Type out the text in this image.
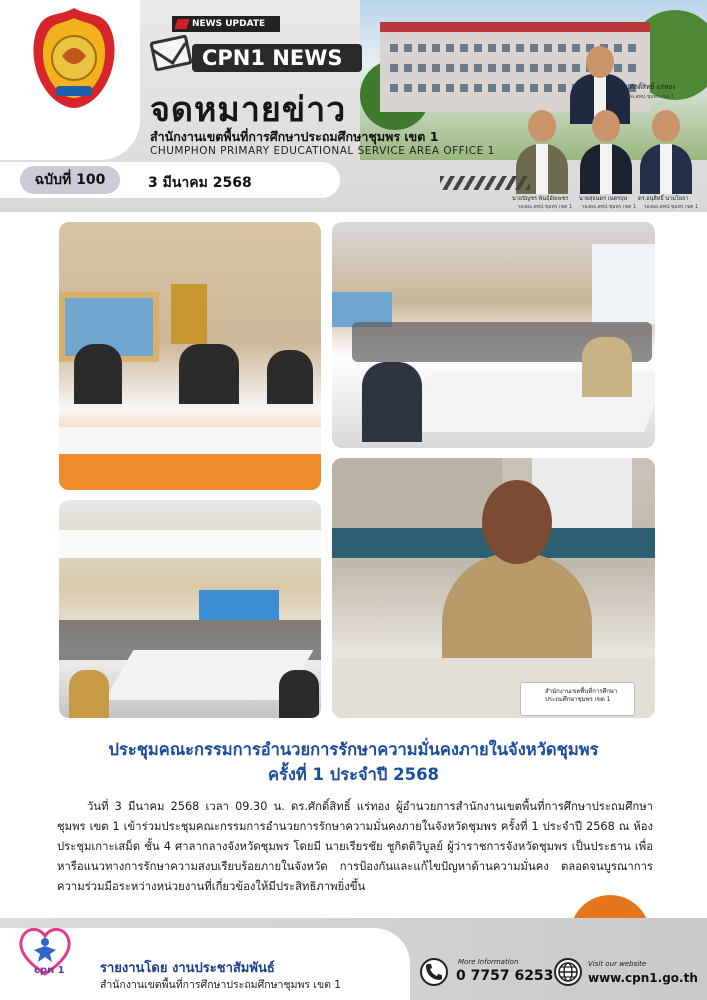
NEWS UPDATE
CPN1 NEWS
จดหมายข่าว
สำนักงานเขตพื้นที่การศึกษาประถมศึกษาชุมพร เขต 1
CHUMPHON PRIMARY EDUCATIONAL SERVICE AREA OFFICE 1
ดร.ศักดิ์สิทธิ์ แร่ทอง
ผอ.สพป.ชุมพร เขต 1
ฉบับที่ 100	3 มีนาคม 2568
นายบัญชร พันธุ์อัยเพชร
รองผอ.สพป.ชุมพร เขต 1
นายสุธนดร เนตรบุษ
รองผอ.สพป.ชุมพร เขต 1
ดร.อนุสิทธิ์ นามโยธา
รองผอ.สพป.ชุมพร เขต 1
สำนักงานเขตพื้นที่การศึกษาประถมศึกษาชุมพร เขต 1
ประชุมคณะกรรมการอำนวยการรักษาความมั่นคงภายในจังหวัดชุมพร
ครั้งที่ 1 ประจำปี 2568
วันที่ 3 มีนาคม 2568 เวลา 09.30 น. ดร.ศักดิ์สิทธิ์ แร่ทอง ผู้อำนวยการสำนักงานเขตพื้นที่การศึกษาประถมศึกษาชุมพร เขต 1 เข้าร่วมประชุมคณะกรรมการอำนวยการรักษาความมั่นคงภายในจังหวัดชุมพร ครั้งที่ 1 ประจำปี 2568 ณ ห้องประชุมเกาะเสม็ด ชั้น 4 ศาลากลางจังหวัดชุมพร โดยมี นายเรียรชัย ชูกิตติวิบูลย์ ผู้ว่าราชการจังหวัดชุมพร เป็นประธาน เพื่อหารือแนวทางการรักษาความสงบเรียบร้อยภายในจังหวัด การป้องกันและแก้ไขปัญหาด้านความมั่นคง ตลอดจนบูรณาการความร่วมมือระหว่างหน่วยงานที่เกี่ยวข้องให้มีประสิทธิภาพยิ่งขึ้น
cpn 1	รายงานโดย งานประชาสัมพันธ์
สำนักงานเขตพื้นที่การศึกษาประถมศึกษาชุมพร เขต 1
More Information
0 7757 6253
Visit our website
www.cpn1.go.th
